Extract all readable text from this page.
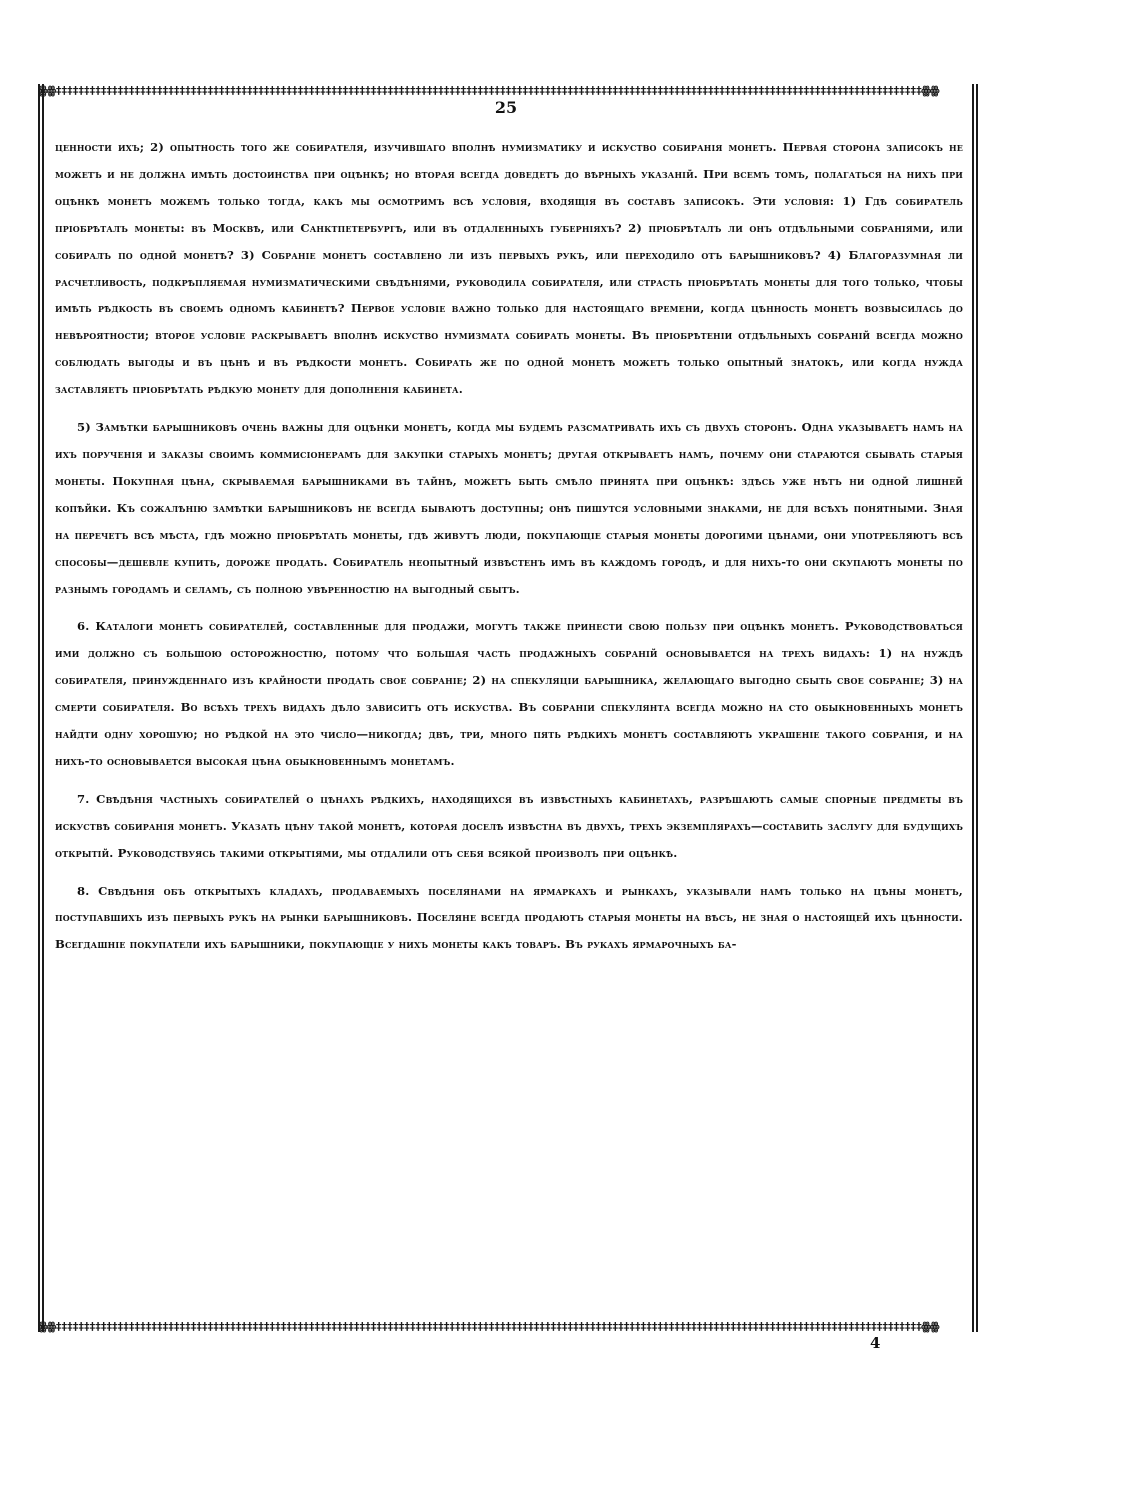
ꙮꙮ‡‡‡‡‡‡‡‡‡‡‡‡‡‡‡‡‡‡‡‡‡‡‡‡‡‡‡‡‡‡‡‡‡‡‡‡‡‡‡‡‡‡‡‡‡‡‡‡‡‡‡‡‡‡‡‡‡‡‡‡‡‡‡‡‡‡‡‡‡‡‡‡‡‡‡‡‡‡‡‡‡‡‡‡‡‡‡‡‡‡‡‡‡‡‡‡‡‡‡‡‡‡‡‡‡‡‡‡‡‡‡‡‡‡‡‡‡‡‡‡‡‡‡‡‡‡‡‡‡‡‡‡‡‡‡‡‡‡‡‡‡‡‡‡‡‡‡‡‡‡‡‡‡‡ꙮꙮ
ꙮꙮ‡‡‡‡‡‡‡‡‡‡‡‡‡‡‡‡‡‡‡‡‡‡‡‡‡‡‡‡‡‡‡‡‡‡‡‡‡‡‡‡‡‡‡‡‡‡‡‡‡‡‡‡‡‡‡‡‡‡‡‡‡‡‡‡‡‡‡‡‡‡‡‡‡‡‡‡‡‡‡‡‡‡‡‡‡‡‡‡‡‡‡‡‡‡‡‡‡‡‡‡‡‡‡‡‡‡‡‡‡‡‡‡‡‡‡‡‡‡‡‡‡‡‡‡‡‡‡‡‡‡‡‡‡‡‡‡‡‡‡‡‡‡‡‡‡‡‡‡‡‡‡‡‡‡ꙮꙮ
25

ценности ихъ; 2) опытность того же собирателя, изучившаго вполнѣ нумизматику и искуство собиранія монетъ. Первая сторона записокъ не можетъ и не должна имѣть достоинства при оцѣнкѣ; но вторая всегда доведетъ до вѣрныхъ указаній. При всемъ томъ, полагаться на нихъ при оцѣнкѣ монетъ можемъ только тогда, какъ мы осмотримъ всѣ условія, входящія въ составъ записокъ. Эти условія: 1) Гдѣ собиратель пріобрѣталъ монеты: въ Москвѣ, или Санктпетербургѣ, или въ отдаленныхъ губерніяхъ? 2) пріобрѣталъ ли онъ отдѣльными собраніями, или собиралъ по одной монетѣ? 3) Собраніе монетъ составлено ли изъ первыхъ рукъ, или переходило отъ барышниковъ? 4) Благоразумная ли расчетливость, подкрѣпляемая нумизматическими свѣдѣніями, руководила собирателя, или страсть пріобрѣтать монеты для того только, чтобы имѣть рѣдкость въ своемъ одномъ кабинетѣ? Первое условіе важно только для настоящаго времени, когда цѣнность монетъ возвысилась до невѣроятности; второе условіе раскрываетъ вполнѣ искуство нумизмата собирать монеты. Въ пріобрѣтеніи отдѣльныхъ собраній всегда можно соблюдать выгоды и въ цѣнѣ и въ рѣдкости монетъ. Собирать же по одной монетѣ можетъ только опытный знатокъ, или когда нужда заставляетъ пріобрѣтать рѣдкую монету для дополненія кабинета.

5) Замѣтки барышниковъ очень важны для оцѣнки монетъ, когда мы будемъ разсматривать ихъ съ двухъ сторонъ. Одна указываетъ намъ на ихъ порученія и заказы своимъ коммисіонерамъ для закупки старыхъ монетъ; другая открываетъ намъ, почему они стараются сбывать старыя монеты. Покупная цѣна, скрываемая барышниками въ тайнѣ, можетъ быть смѣло принята при оцѣнкѣ: здѣсь уже нѣтъ ни одной лишней копѣйки. Къ сожалѣнію замѣтки барышниковъ не всегда бываютъ доступны; онѣ пишутся условными знаками, не для всѣхъ понятными. Зная на перечетъ всѣ мѣста, гдѣ можно пріобрѣтать монеты, гдѣ живутъ люди, покупающіе старыя монеты дорогими цѣнами, они употребляютъ всѣ способы—дешевле купить, дороже продать. Собиратель неопытный извѣстенъ имъ въ каждомъ городѣ, и для нихъ-то они скупаютъ монеты по разнымъ городамъ и селамъ, съ полною увѣренностію на выгодный сбытъ.

6. Каталоги монетъ собирателей, составленные для продажи, могутъ также принести свою пользу при оцѣнкѣ монетъ. Руководствоваться ими должно съ большою осторожностію, потому что большая часть продажныхъ собраній основывается на трехъ видахъ: 1) на нуждѣ собирателя, принужденнаго изъ крайности продать свое собраніе; 2) на спекуляціи барышника, желающаго выгодно сбыть свое собраніе; 3) на смерти собирателя. Во всѣхъ трехъ видахъ дѣло зависитъ отъ искуства. Въ собраніи спекулянта всегда можно на сто обыкновенныхъ монетъ найдти одну хорошую; но рѣдкой на это число—никогда; двѣ, три, много пять рѣдкихъ монетъ составляютъ украшеніе такого собранія, и на нихъ-то основывается высокая цѣна обыкновеннымъ монетамъ.

7. Свѣдѣнія частныхъ собирателей о цѣнахъ рѣдкихъ, находящихся въ извѣстныхъ кабинетахъ, разрѣшаютъ самые спорные предметы въ искуствѣ собиранія монетъ. Указать цѣну такой монетѣ, которая доселѣ извѣстна въ двухъ, трехъ экземплярахъ—составить заслугу для будущихъ открытій. Руководствуясь такими открытіями, мы отдалили отъ себя всякой произволъ при оцѣнкѣ.

8. Свѣдѣнія объ открытыхъ кладахъ, продаваемыхъ поселянами на ярмаркахъ и рынкахъ, указывали намъ только на цѣны монетъ, поступавшихъ изъ первыхъ рукъ на рынки барышниковъ. Поселяне всегда продаютъ старыя монеты на вѣсъ, не зная о настоящей ихъ цѣнности. Всегдашніе покупатели ихъ барышники, покупающіе у нихъ монеты какъ товаръ. Въ рукахъ ярмарочныхъ ба-

4
